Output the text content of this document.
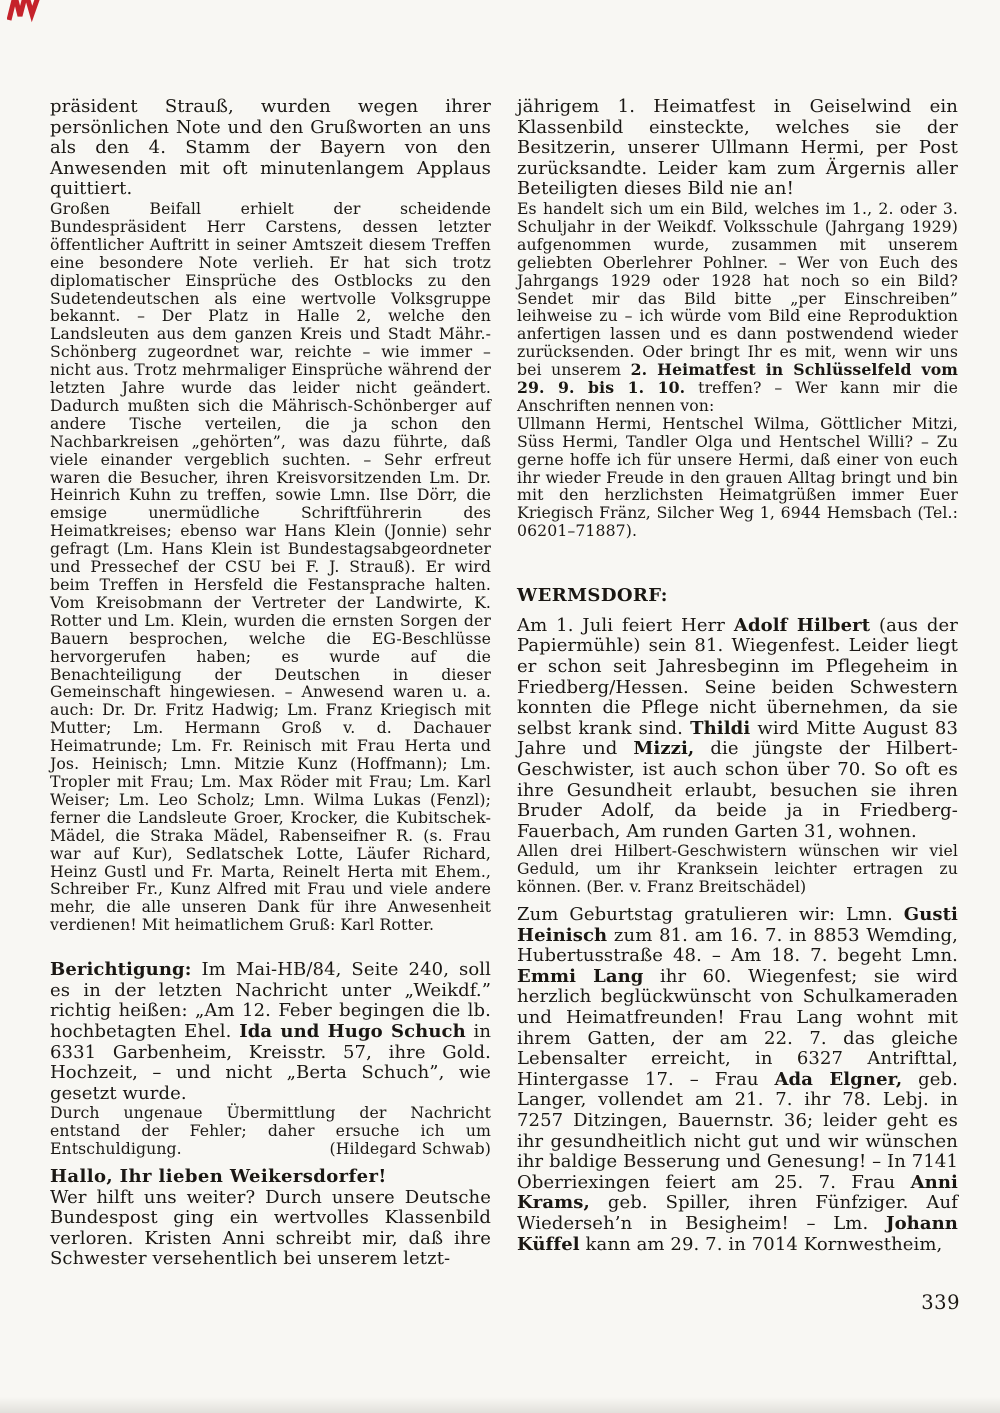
präsident Strauß, wurden wegen ihrer persönlichen Note und den Grußworten an uns als den 4. Stamm der Bayern von den Anwesenden mit oft minutenlangem Applaus quittiert.

Großen Beifall erhielt der scheidende Bundespräsident Herr Carstens, dessen letzter öffentlicher Auftritt in seiner Amtszeit diesem Treffen eine besondere Note verlieh. Er hat sich trotz diplomatischer Einsprüche des Ostblocks zu den Sudetendeutschen als eine wertvolle Volksgruppe bekannt. – Der Platz in Halle 2, welche den Landsleuten aus dem ganzen Kreis und Stadt Mähr.-Schönberg zugeordnet war, reichte – wie immer – nicht aus. Trotz mehrmaliger Einsprüche während der letzten Jahre wurde das leider nicht geändert. Dadurch mußten sich die Mährisch-Schönberger auf andere Tische verteilen, die ja schon den Nachbarkreisen „gehörten”, was dazu führte, daß viele einander vergeblich suchten. – Sehr erfreut waren die Besucher, ihren Kreisvorsitzenden Lm. Dr. Heinrich Kuhn zu treffen, sowie Lmn. Ilse Dörr, die emsige unermüdliche Schriftführerin des Heimatkreises; ebenso war Hans Klein (Jonnie) sehr gefragt (Lm. Hans Klein ist Bundestagsabgeordneter und Pressechef der CSU bei F. J. Strauß). Er wird beim Treffen in Hersfeld die Festansprache halten. Vom Kreisobmann der Vertreter der Landwirte, K. Rotter und Lm. Klein, wurden die ernsten Sorgen der Bauern besprochen, welche die EG-Beschlüsse hervorgerufen haben; es wurde auf die Benachteiligung der Deutschen in dieser Gemeinschaft hingewiesen. – Anwesend waren u. a. auch: Dr. Dr. Fritz Hadwig; Lm. Franz Kriegisch mit Mutter; Lm. Hermann Groß v. d. Dachauer Heimatrunde; Lm. Fr. Reinisch mit Frau Herta und Jos. Heinisch; Lmn. Mitzie Kunz (Hoffmann); Lm. Tropler mit Frau; Lm. Max Röder mit Frau; Lm. Karl Weiser; Lm. Leo Scholz; Lmn. Wilma Lukas (Fenzl); ferner die Landsleute Groer, Krocker, die Kubitschek-Mädel, die Straka Mädel, Rabenseifner R. (s. Frau war auf Kur), Sedlatschek Lotte, Läufer Richard, Heinz Gustl und Fr. Marta, Reinelt Herta mit Ehem., Schreiber Fr., Kunz Alfred mit Frau und viele andere mehr, die alle unseren Dank für ihre Anwesenheit verdienen! Mit heimatlichem Gruß: Karl Rotter.

Berichtigung: Im Mai-HB/84, Seite 240, soll es in der letzten Nachricht unter „Weikdf.” richtig heißen: „Am 12. Feber begingen die lb. hochbetagten Ehel. Ida und Hugo Schuch in 6331 Garbenheim, Kreisstr. 57, ihre Gold. Hochzeit, – und nicht „Berta Schuch”, wie gesetzt wurde.

Durch ungenaue Übermittlung der Nachricht entstand der Fehler; daher ersuche ich um Entschuldigung.	(Hildegard Schwab)

Hallo, Ihr lieben Weikersdorfer!

Wer hilft uns weiter? Durch unsere Deutsche Bundespost ging ein wertvolles Klassenbild verloren. Kristen Anni schreibt mir, daß ihre Schwester versehentlich bei unserem letzt-

jährigem 1. Heimatfest in Geiselwind ein Klassenbild einsteckte, welches sie der Besitzerin, unserer Ullmann Hermi, per Post zurücksandte. Leider kam zum Ärgernis aller Beteiligten dieses Bild nie an!

Es handelt sich um ein Bild, welches im 1., 2. oder 3. Schuljahr in der Weikdf. Volksschule (Jahrgang 1929) aufgenommen wurde, zusammen mit unserem geliebten Oberlehrer Pohlner. – Wer von Euch des Jahrgangs 1929 oder 1928 hat noch so ein Bild? Sendet mir das Bild bitte „per Einschreiben” leihweise zu – ich würde vom Bild eine Reproduktion anfertigen lassen und es dann postwendend wieder zurücksenden. Oder bringt Ihr es mit, wenn wir uns bei unserem 2. Heimatfest in Schlüsselfeld vom 29. 9. bis 1. 10. treffen? – Wer kann mir die Anschriften nennen von:

Ullmann Hermi, Hentschel Wilma, Göttlicher Mitzi, Süss Hermi, Tandler Olga und Hentschel Willi? – Zu gerne hoffe ich für unsere Hermi, daß einer von euch ihr wieder Freude in den grauen Alltag bringt und bin mit den herzlichsten Heimatgrüßen immer Euer Kriegisch Fränz, Silcher Weg 1, 6944 Hemsbach (Tel.: 06201–71887).

WERMSDORF:

Am 1. Juli feiert Herr Adolf Hilbert (aus der Papiermühle) sein 81. Wiegenfest. Leider liegt er schon seit Jahresbeginn im Pflegeheim in Friedberg/Hessen. Seine beiden Schwestern konnten die Pflege nicht übernehmen, da sie selbst krank sind. Thildi wird Mitte August 83 Jahre und Mizzi, die jüngste der Hilbert-Geschwister, ist auch schon über 70. So oft es ihre Gesundheit erlaubt, besuchen sie ihren Bruder Adolf, da beide ja in Friedberg-Fauerbach, Am runden Garten 31, wohnen.

Allen drei Hilbert-Geschwistern wünschen wir viel Geduld, um ihr Kranksein leichter ertragen zu können. (Ber. v. Franz Breitschädel)

Zum Geburtstag gratulieren wir: Lmn. Gusti Heinisch zum 81. am 16. 7. in 8853 Wemding, Hubertusstraße 48. – Am 18. 7. begeht Lmn. Emmi Lang ihr 60. Wiegenfest; sie wird herzlich beglückwünscht von Schulkameraden und Heimatfreunden! Frau Lang wohnt mit ihrem Gatten, der am 22. 7. das gleiche Lebensalter erreicht, in 6327 Antrifttal, Hintergasse 17. – Frau Ada Elgner, geb. Langer, vollendet am 21. 7. ihr 78. Lebj. in 7257 Ditzingen, Bauernstr. 36; leider geht es ihr gesundheitlich nicht gut und wir wünschen ihr baldige Besserung und Genesung! – In 7141 Oberriexingen feiert am 25. 7. Frau Anni Krams, geb. Spiller, ihren Fünfziger. Auf Wiederseh’n in Besigheim! – Lm. Johann Küffel kann am 29. 7. in 7014 Kornwestheim,

339
